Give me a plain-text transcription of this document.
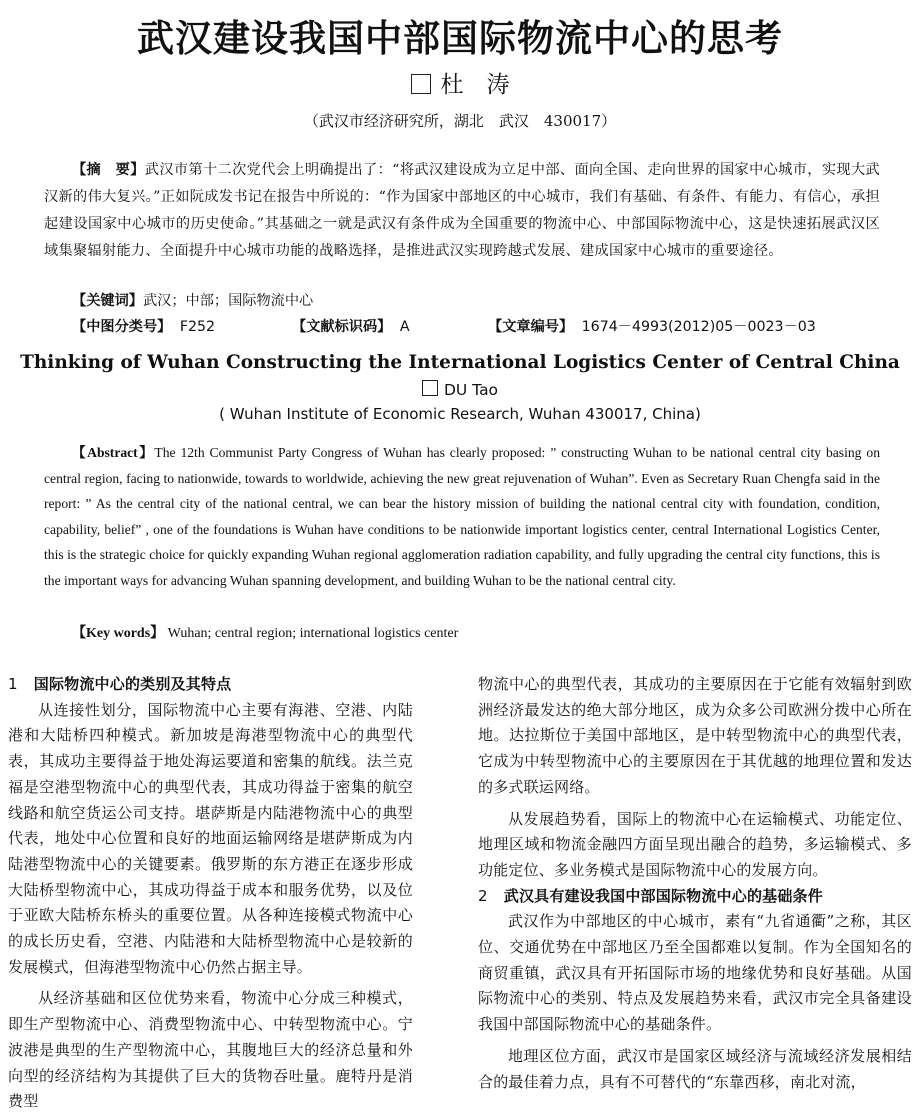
武汉建设我国中部国际物流中心的思考
杜　涛
（武汉市经济研究所，湖北　武汉　430017）
【摘　要】武汉市第十二次党代会上明确提出了：“将武汉建设成为立足中部、面向全国、走向世界的国家中心城市，实现大武汉新的伟大复兴。”正如阮成发书记在报告中所说的：“作为国家中部地区的中心城市，我们有基础、有条件、有能力、有信心，承担起建设国家中心城市的历史使命。”其基础之一就是武汉有条件成为全国重要的物流中心、中部国际物流中心，这是快速拓展武汉区域集聚辐射能力、全面提升中心城市功能的战略选择，是推进武汉实现跨越式发展、建成国家中心城市的重要途径。
【关键词】武汉；中部；国际物流中心
【中图分类号】 F252	【文献标识码】 A	【文章编号】 1674－4993(2012)05－0023－03
Thinking of Wuhan Constructing the International Logistics Center of Central China
DU Tao
( Wuhan Institute of Economic Research, Wuhan 430017, China)
【Abstract】The 12th Communist Party Congress of Wuhan has clearly proposed: ” constructing Wuhan to be national central city basing on central region, facing to nationwide, towards to worldwide, achieving the new great rejuvenation of Wuhan”. Even as Secretary Ruan Chengfa said in the report: ” As the central city of the national central, we can bear the history mission of building the national central city with foundation, condition, capability, belief” , one of the foundations is Wuhan have conditions to be nationwide important logistics center, central International Logistics Center, this is the strategic choice for quickly expanding Wuhan regional agglomeration radiation capability, and fully upgrading the central city functions, this is the important ways for advancing Wuhan spanning development, and building Wuhan to be the national central city.
【Key words】 Wuhan; central region; international logistics center
1 国际物流中心的类别及其特点

从连接性划分，国际物流中心主要有海港、空港、内陆港和大陆桥四种模式。新加坡是海港型物流中心的典型代表，其成功主要得益于地处海运要道和密集的航线。法兰克福是空港型物流中心的典型代表，其成功得益于密集的航空线路和航空货运公司支持。堪萨斯是内陆港物流中心的典型代表，地处中心位置和良好的地面运输网络是堪萨斯成为内陆港型物流中心的关键要素。俄罗斯的东方港正在逐步形成大陆桥型物流中心，其成功得益于成本和服务优势，以及位于亚欧大陆桥东桥头的重要位置。从各种连接模式物流中心的成长历史看，空港、内陆港和大陆桥型物流中心是较新的发展模式，但海港型物流中心仍然占据主导。

从经济基础和区位优势来看，物流中心分成三种模式，即生产型物流中心、消费型物流中心、中转型物流中心。宁波港是典型的生产型物流中心，其腹地巨大的经济总量和外向型的经济结构为其提供了巨大的货物吞吐量。鹿特丹是消费型

物流中心的典型代表，其成功的主要原因在于它能有效辐射到欧洲经济最发达的绝大部分地区，成为众多公司欧洲分拨中心所在地。达拉斯位于美国中部地区，是中转型物流中心的典型代表，它成为中转型物流中心的主要原因在于其优越的地理位置和发达的多式联运网络。

从发展趋势看，国际上的物流中心在运输模式、功能定位、地理区域和物流金融四方面呈现出融合的趋势，多运输模式、多功能定位、多业务模式是国际物流中心的发展方向。

2 武汉具有建设我国中部国际物流中心的基础条件

武汉作为中部地区的中心城市，素有“九省通衢”之称，其区位、交通优势在中部地区乃至全国都难以复制。作为全国知名的商贸重镇，武汉具有开拓国际市场的地缘优势和良好基础。从国际物流中心的类别、特点及发展趋势来看，武汉市完全具备建设我国中部国际物流中心的基础条件。

地理区位方面，武汉市是国家区域经济与流域经济发展相结合的最佳着力点，具有不可替代的“东靠西移，南北对流，
